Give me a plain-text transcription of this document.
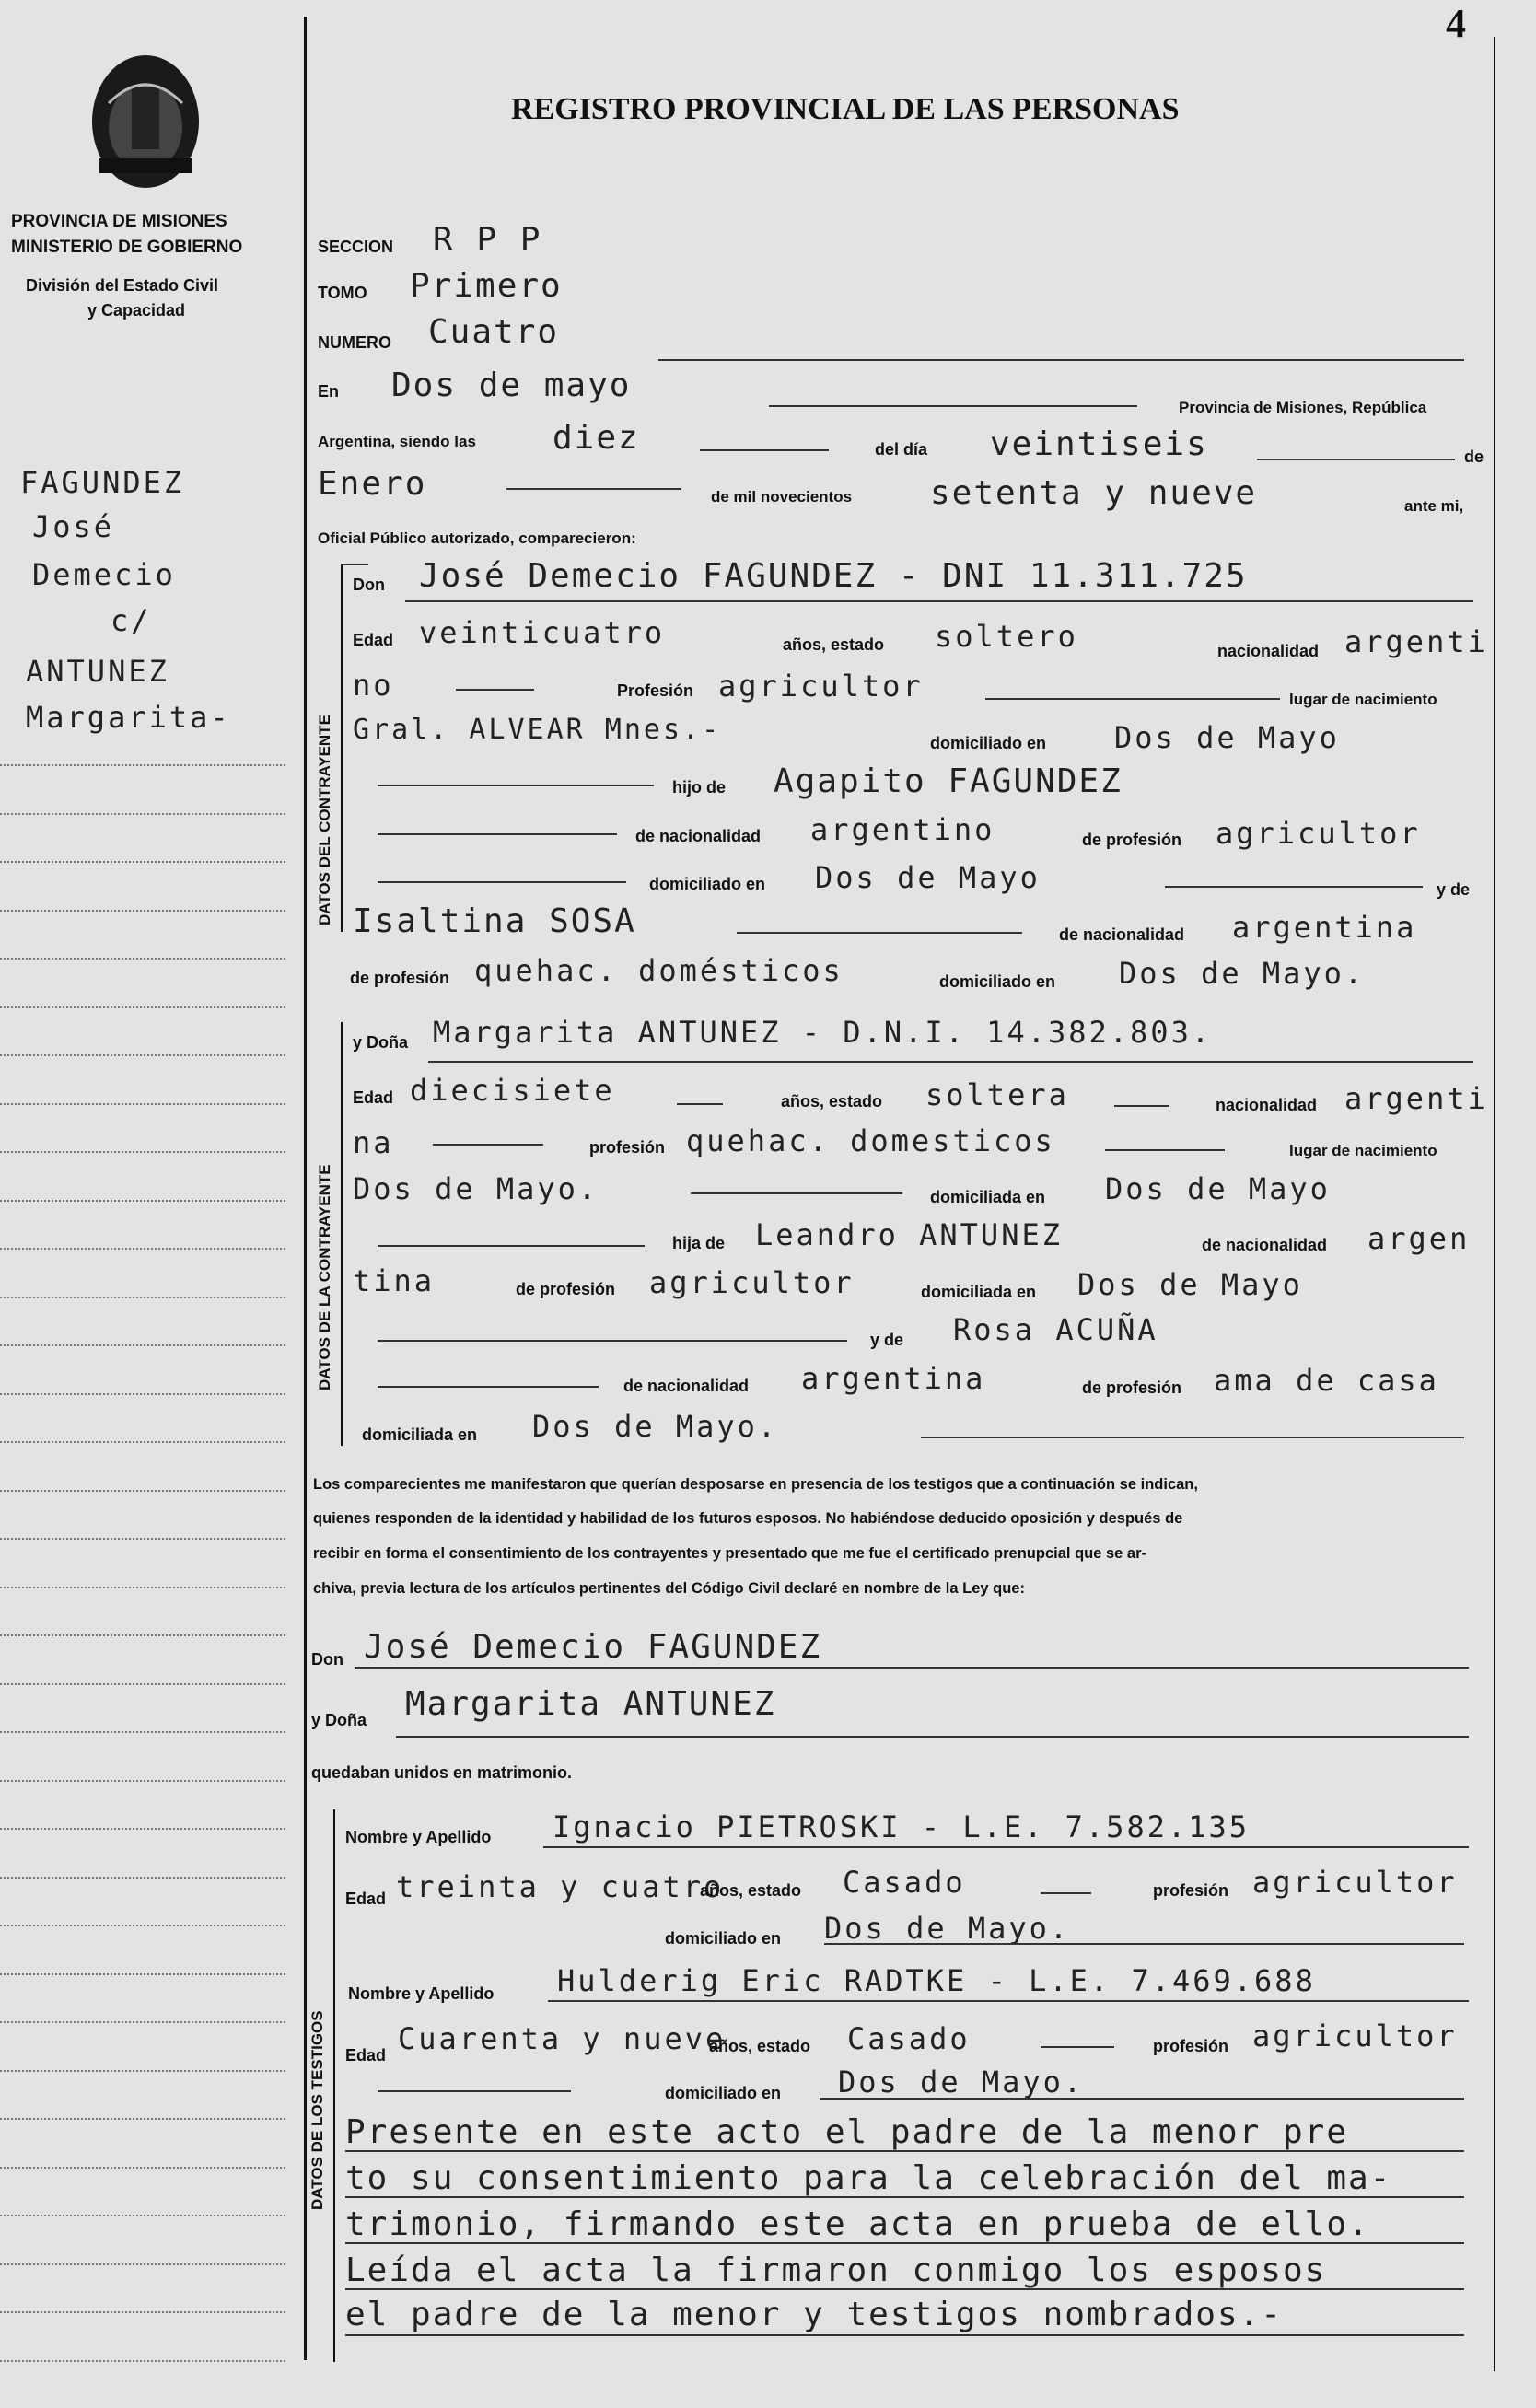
PROVINCIA DE MISIONES
MINISTERIO DE GOBIERNO
División del Estado Civil
y Capacidad
FAGUNDEZ
José
Demecio
c/
ANTUNEZ
Margarita-
4
REGISTRO PROVINCIAL DE LAS PERSONAS
SECCION R P P
TOMO Primero
NUMERO Cuatro
En Dos de mayo
Provincia de Misiones, República
Argentina, siendo las diez	del día veintiseis	de
Enero	de mil novecientos setenta y nueve	ante mi,
Oficial Público autorizado, comparecieron:
DATOS DEL CONTRAYENTE
Don José Demecio FAGUNDEZ - DNI 11.311.725
Edad veinticuatro	años, estado soltero	nacionalidad argenti
no	Profesión agricultor	lugar de nacimiento
Gral. ALVEAR Mnes.-	domiciliado en Dos de Mayo
hijo de Agapito FAGUNDEZ
de nacionalidad argentino	de profesión agricultor
domiciliado en Dos de Mayo	y de
Isaltina SOSA	de nacionalidad argentina
de profesión quehac. domésticos	domiciliado en Dos de Mayo.
DATOS DE LA CONTRAYENTE
y Doña Margarita ANTUNEZ - D.N.I. 14.382.803.
Edad diecisiete	años, estado soltera	nacionalidad argenti
na	profesión quehac. domesticos	lugar de nacimiento
Dos de Mayo.	domiciliada en Dos de Mayo
hija de Leandro ANTUNEZ	de nacionalidad argen
tina	de profesión agricultor	domiciliada en Dos de Mayo
y de Rosa ACUÑA
de nacionalidad argentina	de profesión ama de casa
domiciliada en Dos de Mayo.
Los comparecientes me manifestaron que querían desposarse en presencia de los testigos que a continuación se indican,
quienes responden de la identidad y habilidad de los futuros esposos. No habiéndose deducido oposición y después de
recibir en forma el consentimiento de los contrayentes y presentado que me fue el certificado prenupcial que se ar-
chiva, previa lectura de los artículos pertinentes del Código Civil declaré en nombre de la Ley que:
Don José Demecio FAGUNDEZ
y Doña Margarita ANTUNEZ
quedaban unidos en matrimonio.
DATOS DE LOS TESTIGOS
Nombre y Apellido Ignacio PIETROSKI - L.E. 7.582.135
Edad treinta y cuatro
años, estado Casado	profesión agricultor
domiciliado en Dos de Mayo.
Nombre y Apellido Hulderig Eric RADTKE - L.E. 7.469.688
Edad Cuarenta y nueve
años, estado Casado	profesión agricultor
domiciliado en Dos de Mayo.
Presente en este acto el padre de la menor pre
to su consentimiento para la celebración del ma-
trimonio, firmando este acta en prueba de ello.
Leída el acta la firmaron conmigo los esposos
el padre de la menor y testigos nombrados.-
